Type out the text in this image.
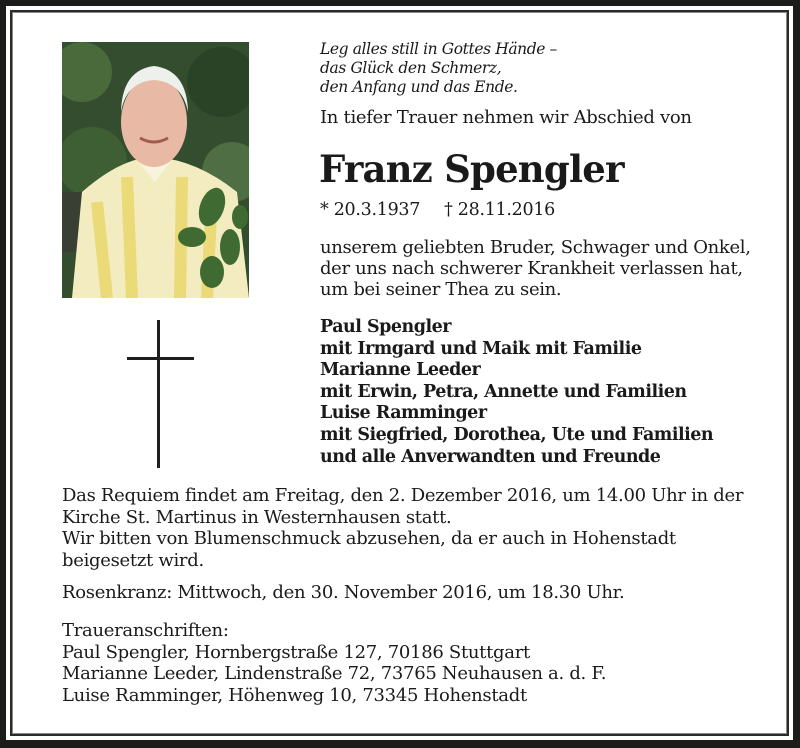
Leg alles still in Gottes Hände –
das Glück den Schmerz,
den Anfang und das Ende.
In tiefer Trauer nehmen wir Abschied von
Franz Spengler
* 20.3.1937 † 28.11.2016
unserem geliebten Bruder, Schwager und Onkel,
der uns nach schwerer Krankheit verlassen hat,
um bei seiner Thea zu sein.
Paul Spengler
mit Irmgard und Maik mit Familie
Marianne Leeder
mit Erwin, Petra, Annette und Familien
Luise Ramminger
mit Siegfried, Dorothea, Ute und Familien
und alle Anverwandten und Freunde
Das Requiem findet am Freitag, den 2. Dezember 2016, um 14.00 Uhr in der
Kirche St. Martinus in Westernhausen statt.
Wir bitten von Blumenschmuck abzusehen, da er auch in Hohenstadt
beigesetzt wird.
Rosenkranz: Mittwoch, den 30. November 2016, um 18.30 Uhr.
Traueranschriften:
Paul Spengler, Hornbergstraße 127, 70186 Stuttgart
Marianne Leeder, Lindenstraße 72, 73765 Neuhausen a. d. F.
Luise Ramminger, Höhenweg 10, 73345 Hohenstadt
